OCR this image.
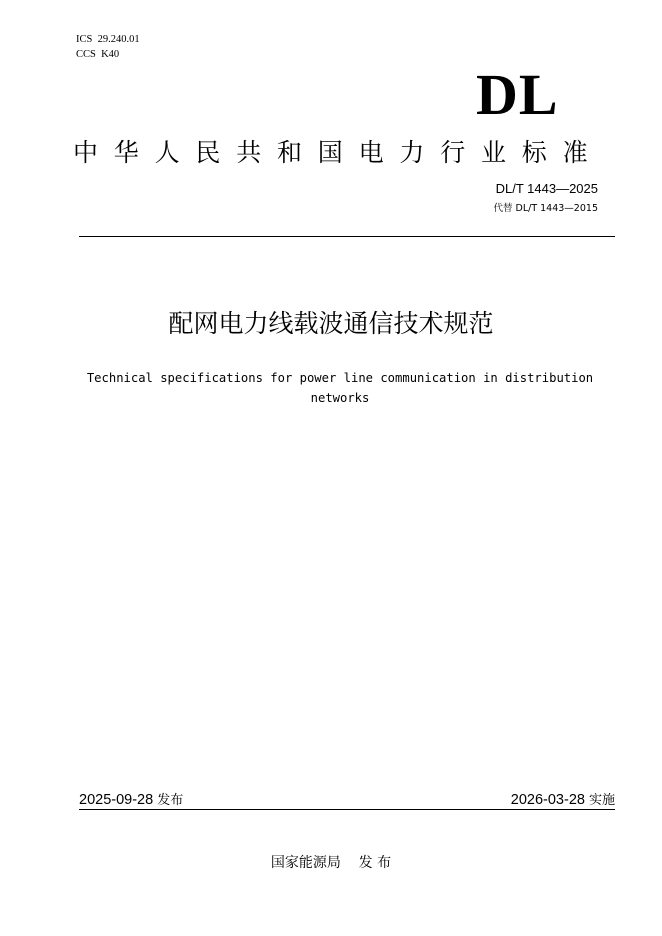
ICS  29.240.01
CCS  K40
DL
中华人民共和国电力行业标准
DL/T 1443—2025
代替 DL/T 1443—2015
配网电力线载波通信技术规范
Technical specifications for power line communication in distribution networks
2025-09-28 发布	2026-03-28 实施
国家能源局 发 布
